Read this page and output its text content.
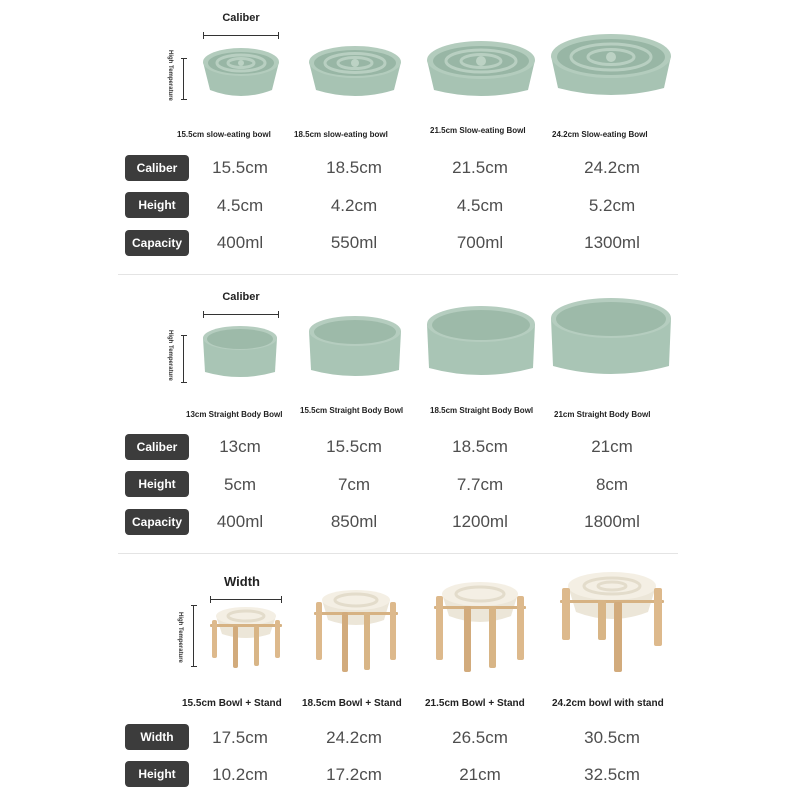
Caliber
High Temperature
15.5cm slow-eating bowl	18.5cm slow-eating bowl	21.5cm Slow-eating Bowl	24.2cm Slow-eating Bowl
Caliber	15.5cm	18.5cm	21.5cm	24.2cm
Height	4.5cm	4.2cm	4.5cm	5.2cm
Capacity	400ml	550ml	700ml	1300ml
Caliber
High Temperature
13cm Straight Body Bowl	15.5cm Straight Body Bowl	18.5cm Straight Body Bowl	21cm Straight Body Bowl
Caliber	13cm	15.5cm	18.5cm	21cm
Height	5cm	7cm	7.7cm	8cm
Capacity	400ml	850ml	1200ml	1800ml
Width
High Temperature
15.5cm Bowl + Stand	18.5cm Bowl + Stand	21.5cm Bowl + Stand	24.2cm bowl with stand
Width	17.5cm	24.2cm	26.5cm	30.5cm
Height	10.2cm	17.2cm	21cm	32.5cm
